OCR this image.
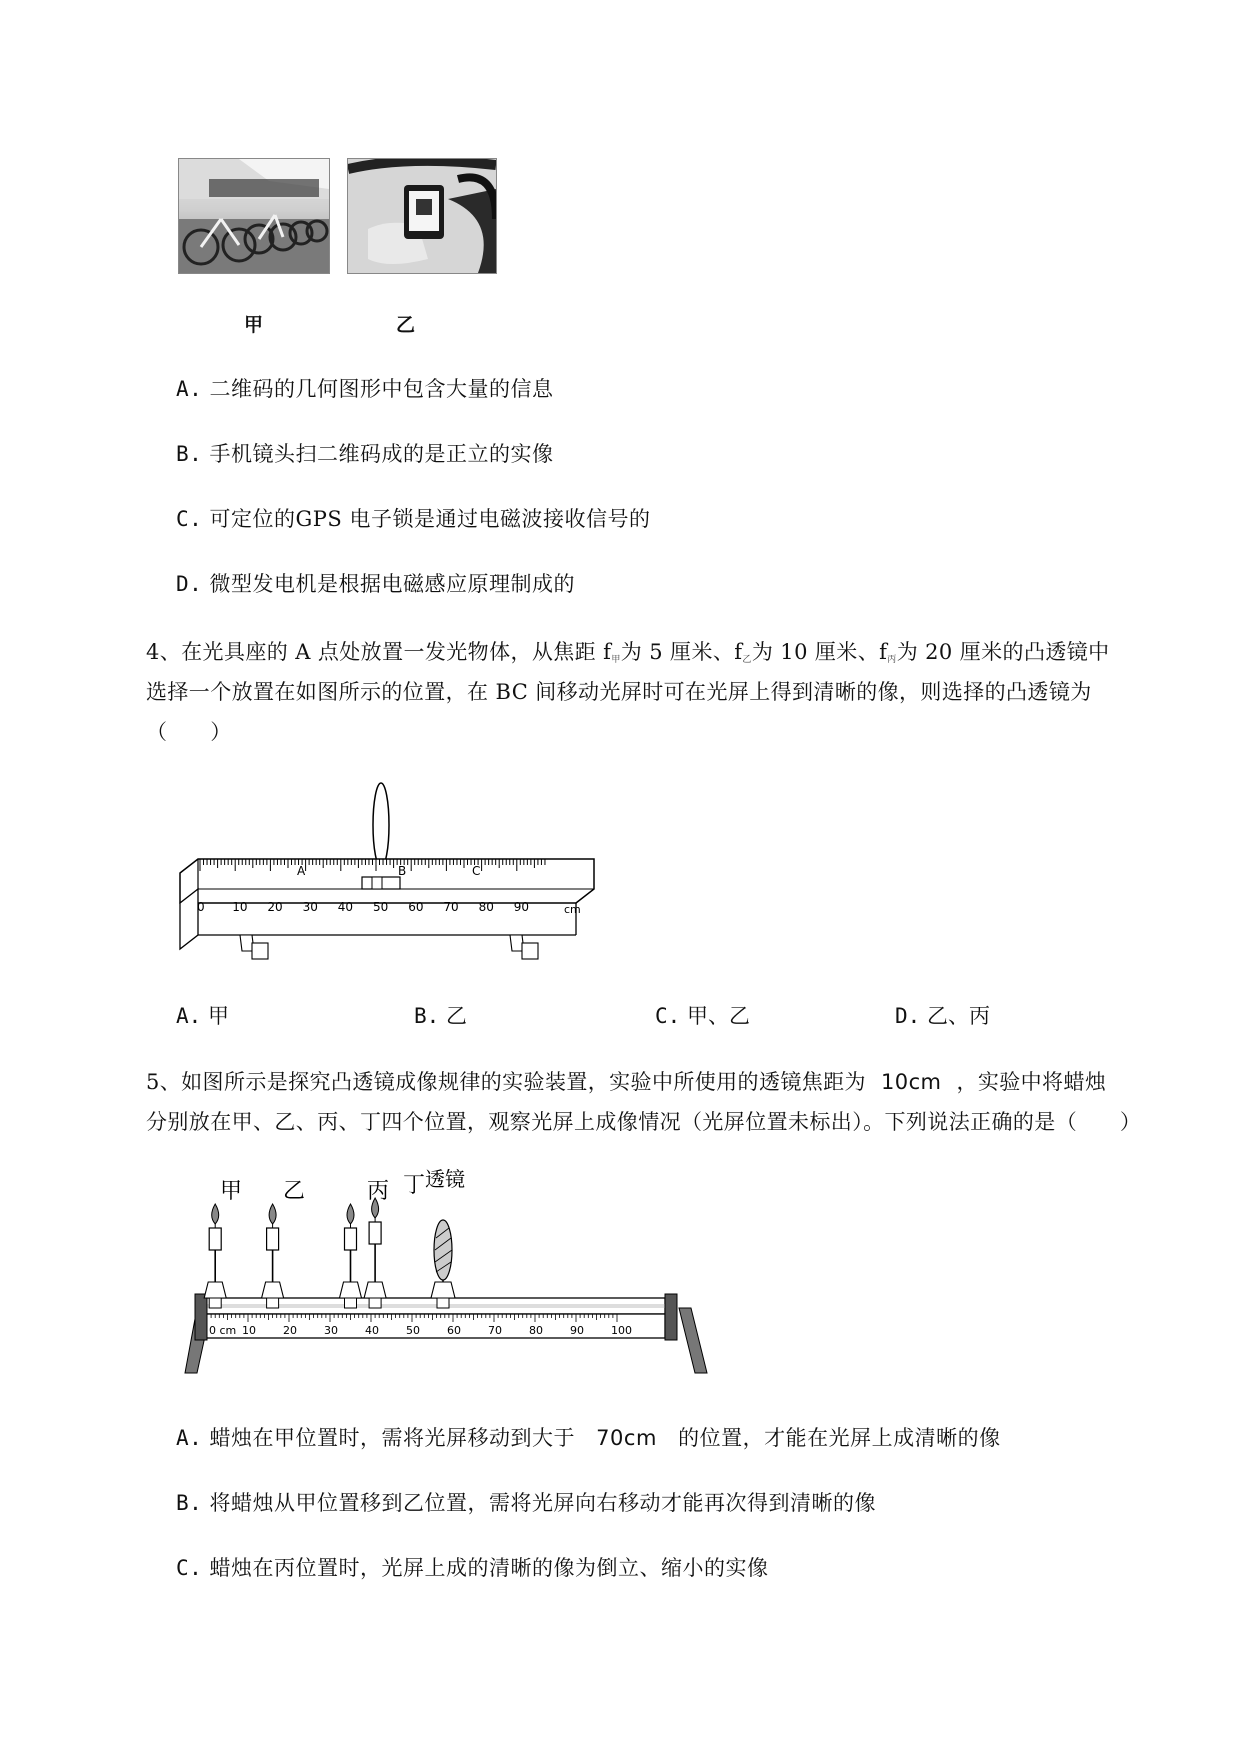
甲	乙
A. 二维码的几何图形中包含大量的信息
B. 手机镜头扫二维码成的是正立的实像
C. 可定位的GPS 电子锁是通过电磁波接收信号的
D. 微型发电机是根据电磁感应原理制成的
4、在光具座的 A 点处放置一发光物体，从焦距 $f_甲$为 5 厘米、$f_乙$为 10 厘米、$f_丙$为 20 厘米的凸透镜中
选择一个放置在如图所示的位置，在 BC 间移动光屏时可在光屏上得到清晰的像，则选择的凸透镜为
（　　）
0 10 20 30 40 50 60 70 80 90	cm
A	B	C
A. 甲	B. 乙	C. 甲、乙	D. 乙、丙
5、如图所示是探究凸透镜成像规律的实验装置，实验中所使用的透镜焦距为 10cm ，实验中将蜡烛
分别放在甲、乙、丙、丁四个位置，观察光屏上成像情况（光屏位置未标出）。下列说法正确的是（　　）
0 cm 10 20 30 40 50 60 70 80 90 100
甲 乙	丙 丁 透镜
A. 蜡烛在甲位置时，需将光屏移动到大于 70cm 的位置，才能在光屏上成清晰的像
B. 将蜡烛从甲位置移到乙位置，需将光屏向右移动才能再次得到清晰的像
C. 蜡烛在丙位置时，光屏上成的清晰的像为倒立、缩小的实像
